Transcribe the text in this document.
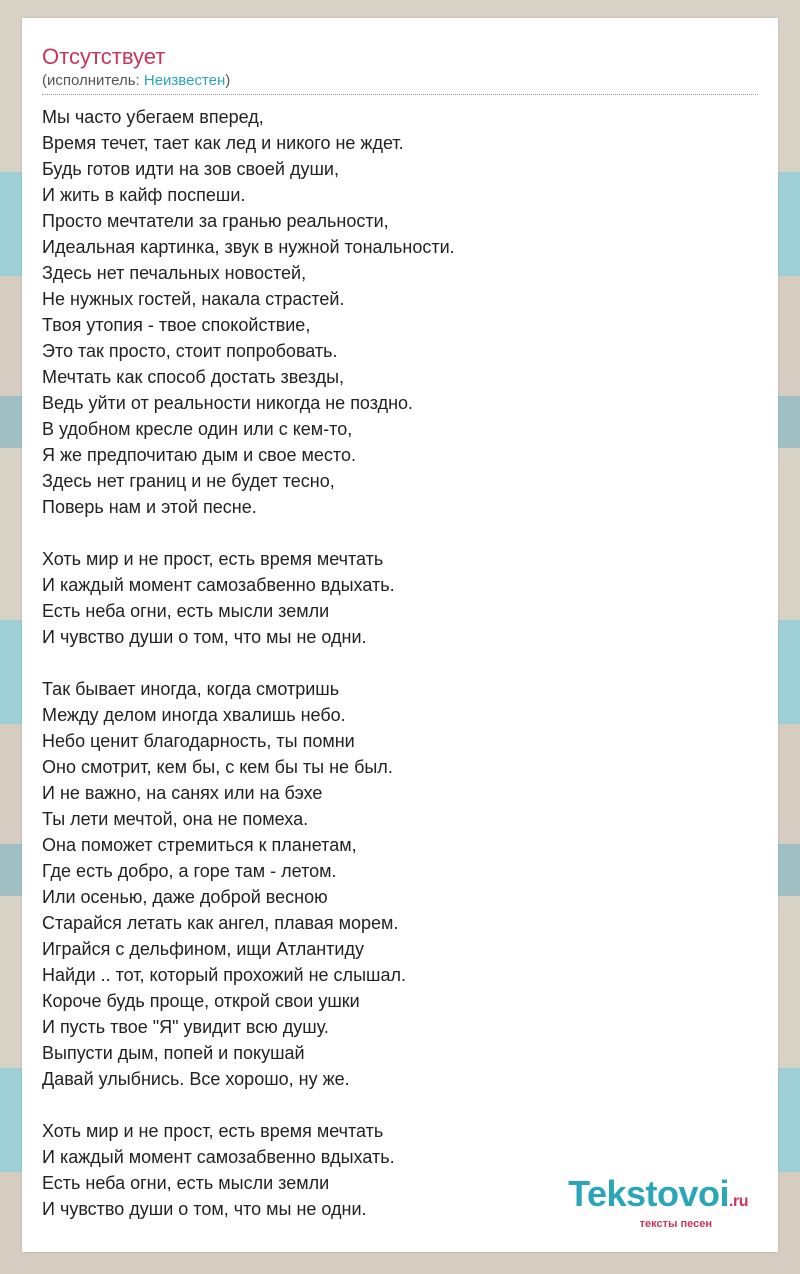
Отсутствует
(исполнитель: Неизвестен)
Мы часто убегаем вперед,
Время течет, тает как лед и никого не ждет.
Будь готов идти на зов своей души,
И жить в кайф поспеши.
Просто мечтатели за гранью реальности,
Идеальная картинка, звук в нужной тональности.
Здесь нет печальных новостей,
Не нужных гостей, накала страстей.
Твоя утопия - твое спокойствие,
Это так просто, стоит попробовать.
Мечтать как способ достать звезды,
Ведь уйти от реальности никогда не поздно.
В удобном кресле один или с кем-то,
Я же предпочитаю дым и свое место.
Здесь нет границ и не будет тесно,
Поверь нам и этой песне.
Хоть мир и не прост, есть время мечтать
И каждый момент самозабвенно вдыхать.
Есть неба огни, есть мысли земли
И чувство души о том, что мы не одни.
Так бывает иногда, когда смотришь
Между делом иногда хвалишь небо.
Небо ценит благодарность, ты помни
Оно смотрит, кем бы, с кем бы ты не был.
И не важно, на санях или на бэхе
Ты лети мечтой, она не помеха.
Она поможет стремиться к планетам,
Где есть добро, а горе там - летом.
Или осенью, даже доброй весною
Старайся летать как ангел, плавая морем.
Играйся с дельфином, ищи Атлантиду
Найди .. тот, который прохожий не слышал.
Короче будь проще, открой свои ушки
И пусть твое "Я" увидит всю душу.
Выпусти дым, попей и покушай
Давай улыбнись. Все хорошо, ну же.
Хоть мир и не прост, есть время мечтать
И каждый момент самозабвенно вдыхать.
Есть неба огни, есть мысли земли
И чувство души о том, что мы не одни.	Tekstovoi.ru
тексты песен
